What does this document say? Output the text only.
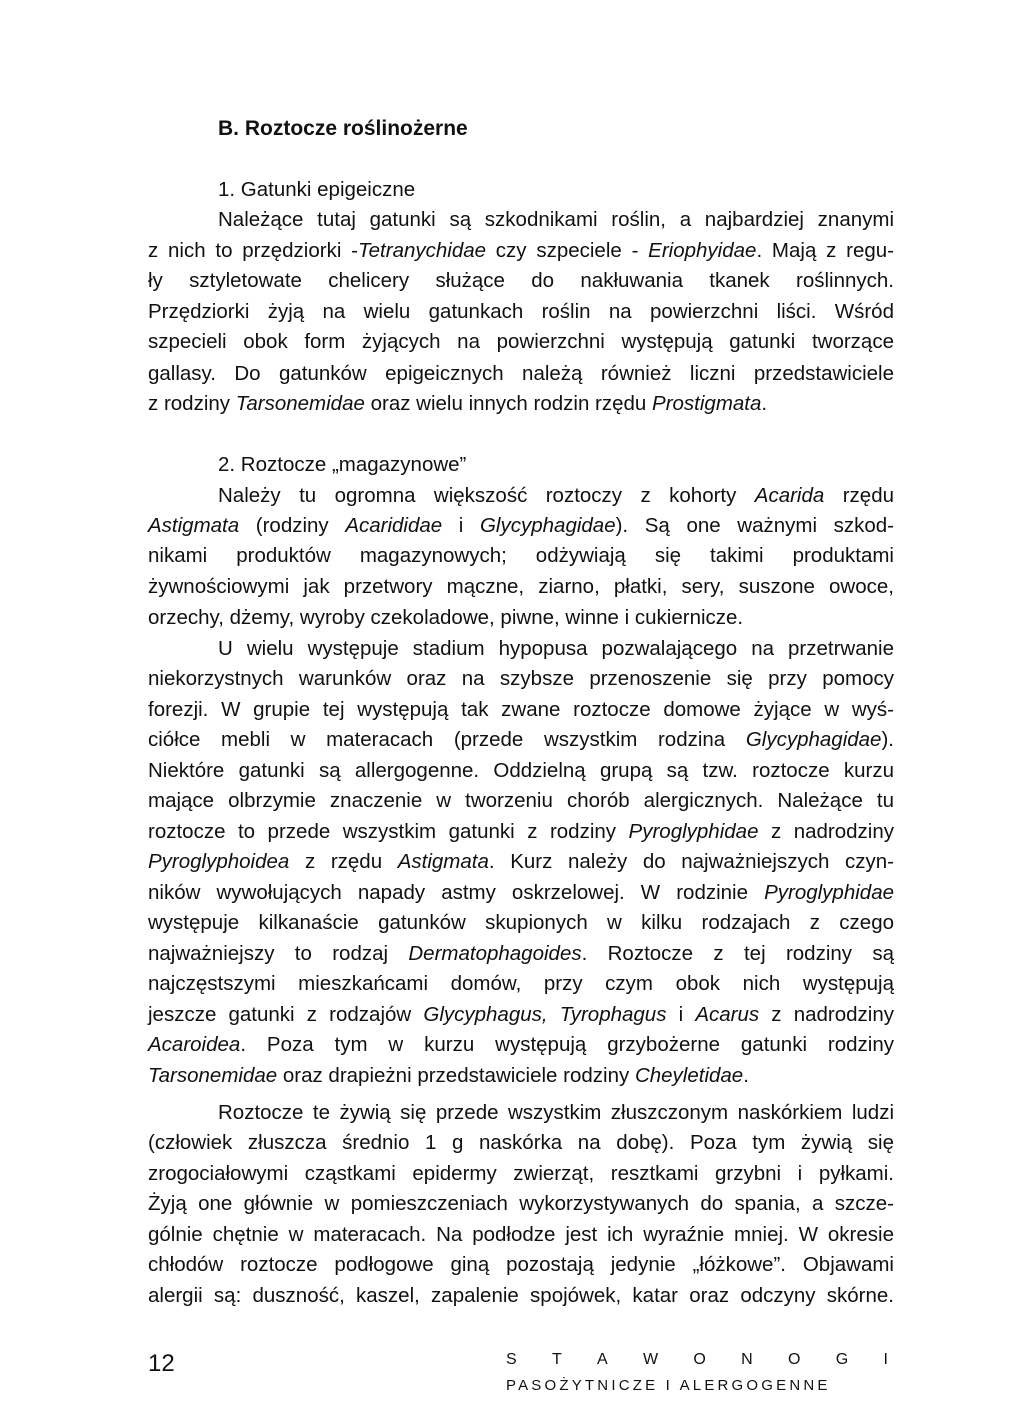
B. Roztocze roślinożerne
1. Gatunki epigeiczne
Należące tutaj gatunki są szkodnikami roślin, a najbardziej znanymi
z nich to przędziorki -Tetranychidae czy szpeciele - Eriophyidae. Mają z regu-
ły sztyletowate chelicery służące do nakłuwania tkanek roślinnych.
Przędziorki żyją na wielu gatunkach roślin na powierzchni liści. Wśród
szpecieli obok form żyjących na powierzchni występują gatunki tworzące
gallasy. Do gatunków epigeicznych należą również liczni przedstawiciele
z rodziny Tarsonemidae oraz wielu innych rodzin rzędu Prostigmata.
2. Roztocze „magazynowe”
Należy tu ogromna większość roztoczy z kohorty Acarida rzędu
Astigmata (rodziny Acarididae i Glycyphagidae). Są one ważnymi szkod-
nikami produktów magazynowych; odżywiają się takimi produktami
żywnościowymi jak przetwory mączne, ziarno, płatki, sery, suszone owoce,
orzechy, dżemy, wyroby czekoladowe, piwne, winne i cukiernicze.
U wielu występuje stadium hypopusa pozwalającego na przetrwanie
niekorzystnych warunków oraz na szybsze przenoszenie się przy pomocy
forezji. W grupie tej występują tak zwane roztocze domowe żyjące w wyś-
ciółce mebli w materacach (przede wszystkim rodzina Glycyphagidae).
Niektóre gatunki są allergogenne. Oddzielną grupą są tzw. roztocze kurzu
mające olbrzymie znaczenie w tworzeniu chorób alergicznych. Należące tu
roztocze to przede wszystkim gatunki z rodziny Pyroglyphidae z nadrodziny
Pyroglyphoidea z rzędu Astigmata. Kurz należy do najważniejszych czyn-
ników wywołujących napady astmy oskrzelowej. W rodzinie Pyroglyphidae
występuje kilkanaście gatunków skupionych w kilku rodzajach z czego
najważniejszy to rodzaj Dermatophagoides. Roztocze z tej rodziny są
najczęstszymi mieszkańcami domów, przy czym obok nich występują
jeszcze gatunki z rodzajów Glycyphagus, Tyrophagus i Acarus z nadrodziny
Acaroidea. Poza tym w kurzu występują grzybożerne gatunki rodziny
Tarsonemidae oraz drapieżni przedstawiciele rodziny Cheyletidae.
Roztocze te żywią się przede wszystkim złuszczonym naskórkiem ludzi
(człowiek złuszcza średnio 1 g naskórka na dobę). Poza tym żywią się
zrogociałowymi cząstkami epidermy zwierząt, resztkami grzybni i pyłkami.
Żyją one głównie w pomieszczeniach wykorzystywanych do spania, a szcze-
gólnie chętnie w materacach. Na podłodze jest ich wyraźnie mniej. W okresie
chłodów roztocze podłogowe giną pozostają jedynie „łóżkowe”. Objawami
alergii są: duszność, kaszel, zapalenie spojówek, katar oraz odczyny skórne.
12	S T A W O N O G I
PASOŻYTNICZE I ALERGOGENNE
